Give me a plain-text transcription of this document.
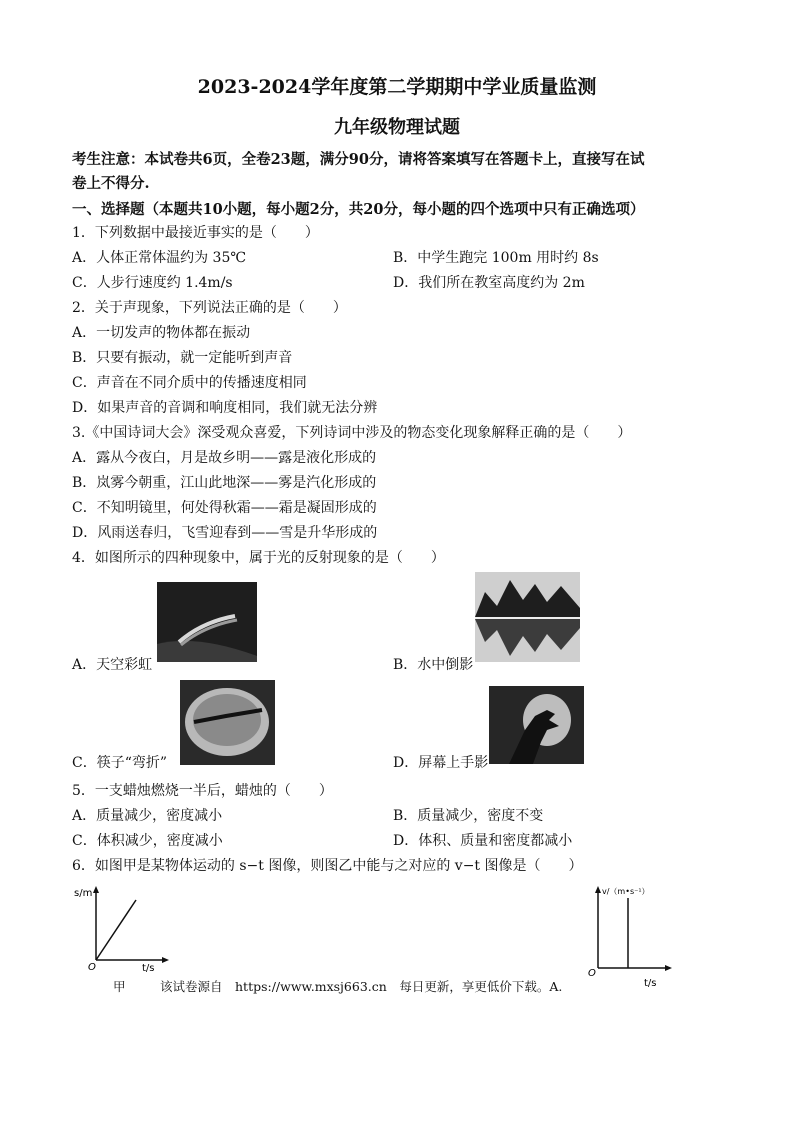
2023-2024学年度第二学期期中学业质量监测
九年级物理试题
考生注意：本试卷共6页，全卷23题，满分90分，请将答案填写在答题卡上，直接写在试
卷上不得分.
一、选择题（本题共10小题，每小题2分，共20分，每小题的四个选项中只有正确选项）
1．下列数据中最接近事实的是（　　）
A．人体正常体温约为 35℃	B．中学生跑完 100m 用时约 8s
C．人步行速度约 1.4m/s	D．我们所在教室高度约为 2m
2．关于声现象，下列说法正确的是（　　）
A．一切发声的物体都在振动
B．只要有振动，就一定能听到声音
C．声音在不同介质中的传播速度相同
D．如果声音的音调和响度相同，我们就无法分辨
3.《中国诗词大会》深受观众喜爱，下列诗词中涉及的物态变化现象解释正确的是（　　）
A．露从今夜白，月是故乡明——露是液化形成的
B．岚雾今朝重，江山此地深——雾是汽化形成的
C．不知明镜里，何处得秋霜——霜是凝固形成的
D．风雨送春归，飞雪迎春到——雪是升华形成的
4．如图所示的四种现象中，属于光的反射现象的是（　　）
A．天空彩虹	B．水中倒影
C．筷子“弯折”	D．屏幕上手影
5．一支蜡烛燃烧一半后，蜡烛的（　　）
A．质量减少，密度减小	B．质量减少，密度不变
C．体积减少，密度减小	D．体积、质量和密度都减小
6．如图甲是某物体运动的 s−t 图像，则图乙中能与之对应的 v−t 图像是（　　）
s/m
O	t/s
甲
v/（m•s⁻¹）
O
t/s
该试卷源自　https://www.mxsj663.cn　每日更新，享更低价下载。A.
